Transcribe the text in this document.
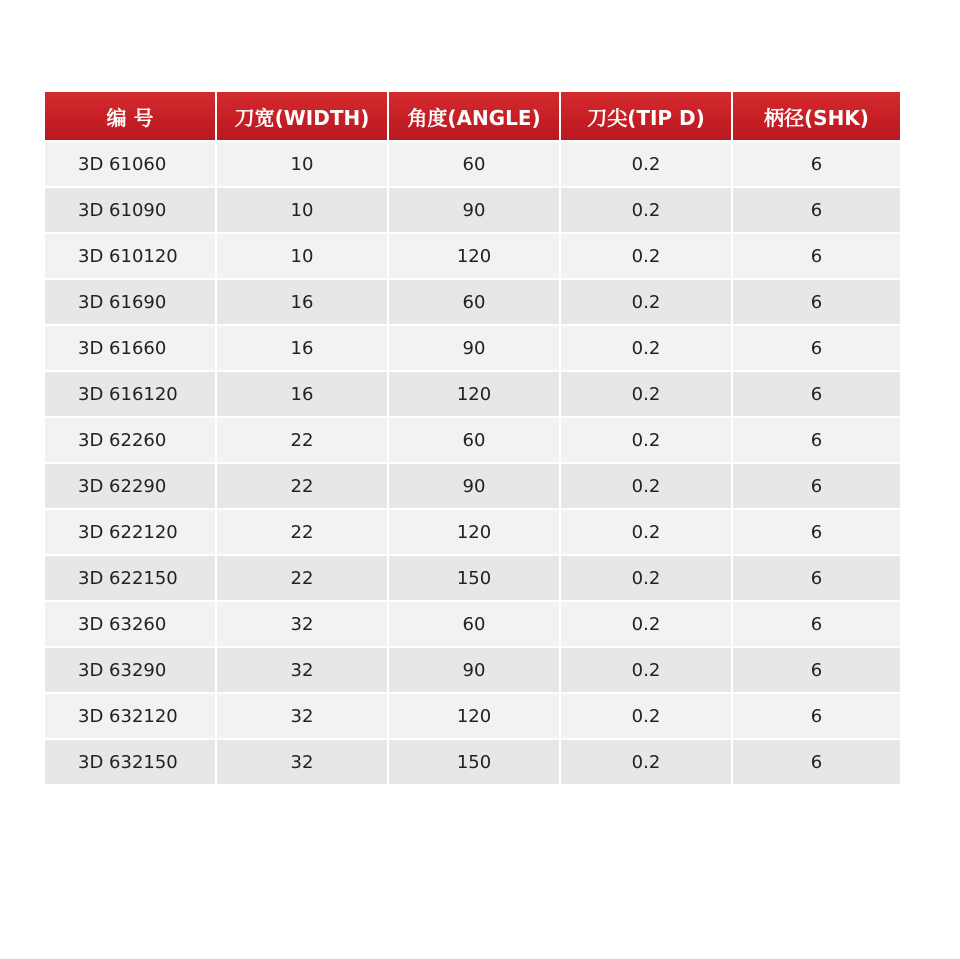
编 号	刀宽(WIDTH)	角度(ANGLE)	刀尖(TIP D)	柄径(SHK)
3D 61060	10	60	0.2	6
3D 61090	10	90	0.2	6
3D 610120	10	120	0.2	6
3D 61690	16	60	0.2	6
3D 61660	16	90	0.2	6
3D 616120	16	120	0.2	6
3D 62260	22	60	0.2	6
3D 62290	22	90	0.2	6
3D 622120	22	120	0.2	6
3D 622150	22	150	0.2	6
3D 63260	32	60	0.2	6
3D 63290	32	90	0.2	6
3D 632120	32	120	0.2	6
3D 632150	32	150	0.2	6
